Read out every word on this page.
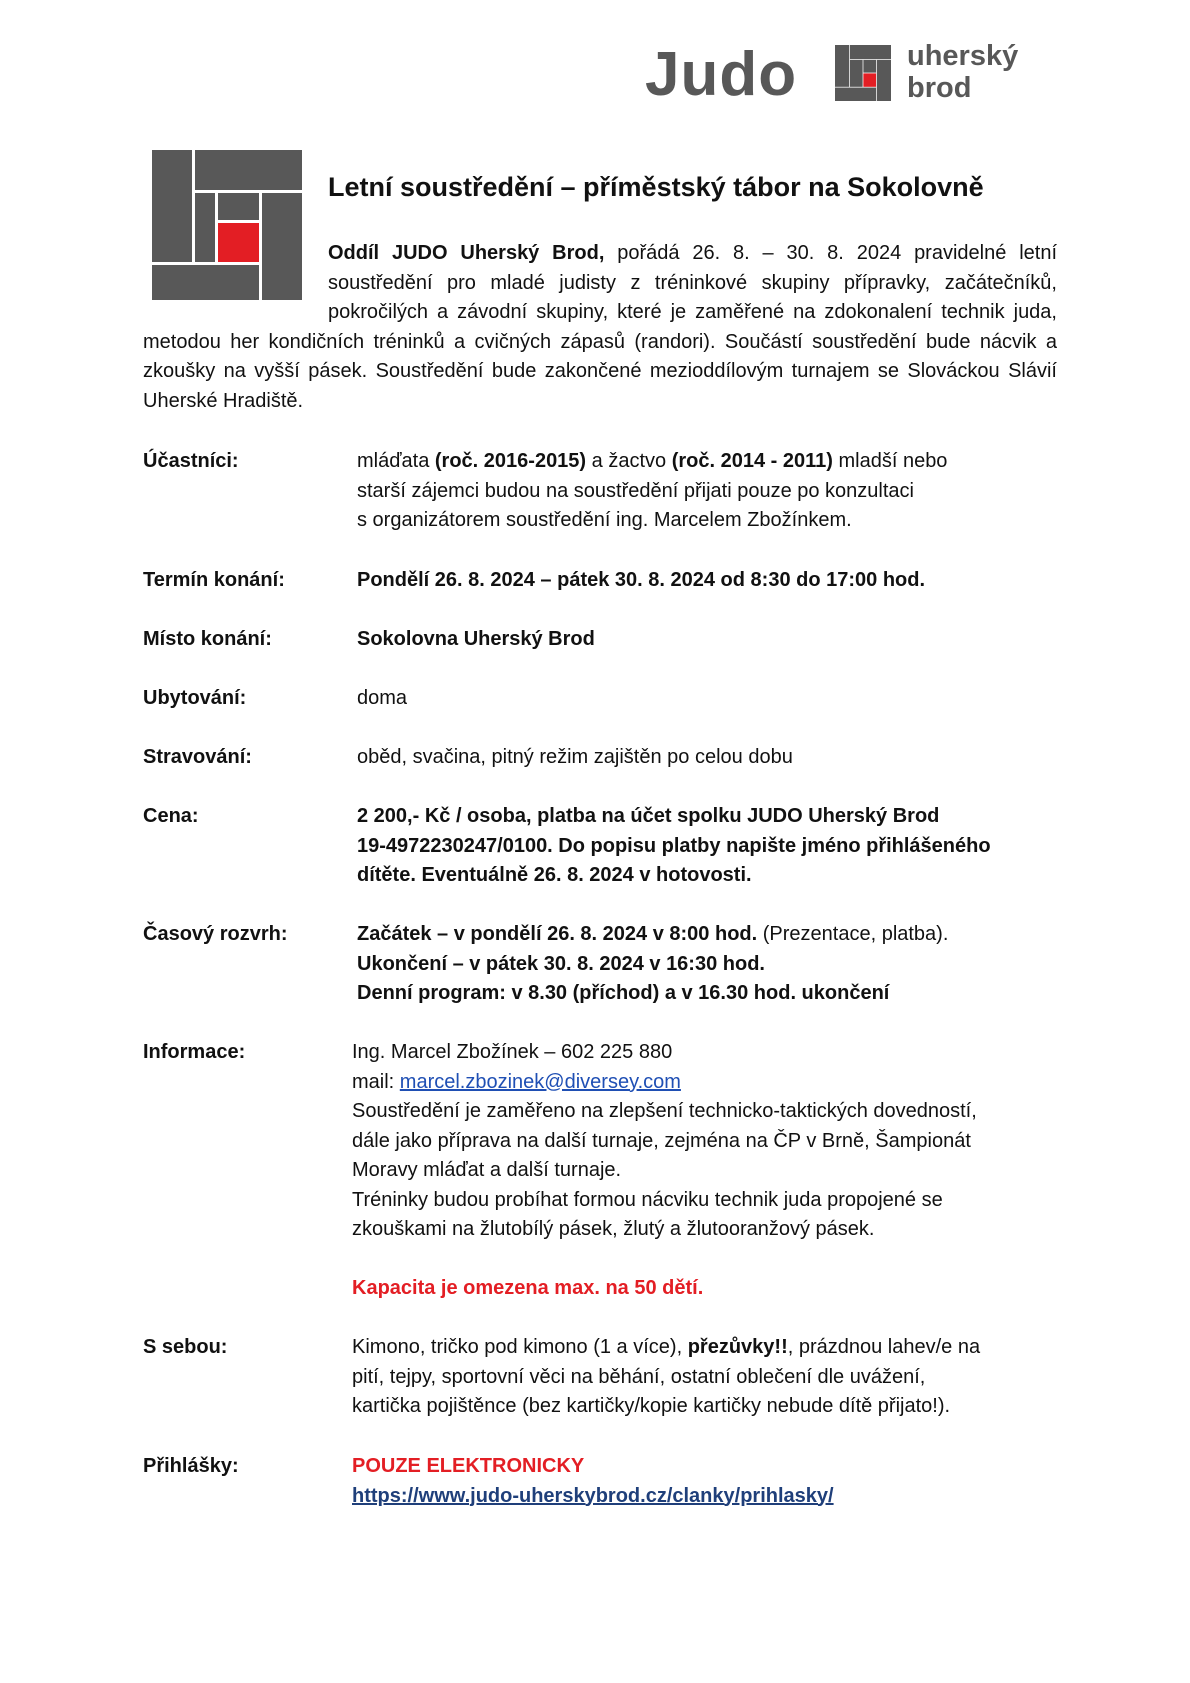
Judo	uherský
brod
Letní soustředění – příměstský tábor na Sokolovně
Oddíl JUDO Uherský Brod, pořádá 26. 8. – 30. 8. 2024 pravidelné letní soustředění pro mladé judisty z tréninkové skupiny přípravky, začátečníků, pokročilých a závodní skupiny, které je zaměřené na zdokonalení technik juda, metodou her kondičních tréninků a cvičných zápasů (randori). Součástí soustředění bude nácvik a zkoušky na vyšší pásek. Soustředění bude zakončené mezioddílovým turnajem se Slováckou Slávií Uherské Hradiště.
Účastníci:	mláďata (roč. 2016-2015) a žactvo (roč. 2014 - 2011) mladší nebo
starší zájemci budou na soustředění přijati pouze po konzultaci
s organizátorem soustředění ing. Marcelem Zbožínkem.
Termín konání:	Pondělí 26. 8. 2024 – pátek 30. 8. 2024 od 8:30 do 17:00 hod.
Místo konání:	Sokolovna Uherský Brod
Ubytování:	doma
Stravování:	oběd, svačina, pitný režim zajištěn po celou dobu
Cena:	2 200,- Kč / osoba, platba na účet spolku JUDO Uherský Brod
19-4972230247/0100. Do popisu platby napište jméno přihlášeného
dítěte. Eventuálně 26. 8. 2024 v hotovosti.
Časový rozvrh:	Začátek – v pondělí 26. 8. 2024 v 8:00 hod. (Prezentace, platba).
Ukončení – v pátek 30. 8. 2024 v 16:30 hod.
Denní program: v 8.30 (příchod) a v 16.30 hod. ukončení
Informace:	Ing. Marcel Zbožínek – 602 225 880
mail: marcel.zbozinek@diversey.com
Soustředění je zaměřeno na zlepšení technicko-taktických dovedností,
dále jako příprava na další turnaje, zejména na ČP v Brně, Šampionát
Moravy mláďat a další turnaje.
Tréninky budou probíhat formou nácviku technik juda propojené se
zkouškami na žlutobílý pásek, žlutý a žlutooranžový pásek.
Kapacita je omezena max. na 50 dětí.
S sebou:	Kimono, tričko pod kimono (1 a více), přezůvky!!, prázdnou lahev/e na
pití, tejpy, sportovní věci na běhání, ostatní oblečení dle uvážení,
kartička pojištěnce (bez kartičky/kopie kartičky nebude dítě přijato!).
Přihlášky:	POUZE ELEKTRONICKY
https://www.judo-uherskybrod.cz/clanky/prihlasky/
